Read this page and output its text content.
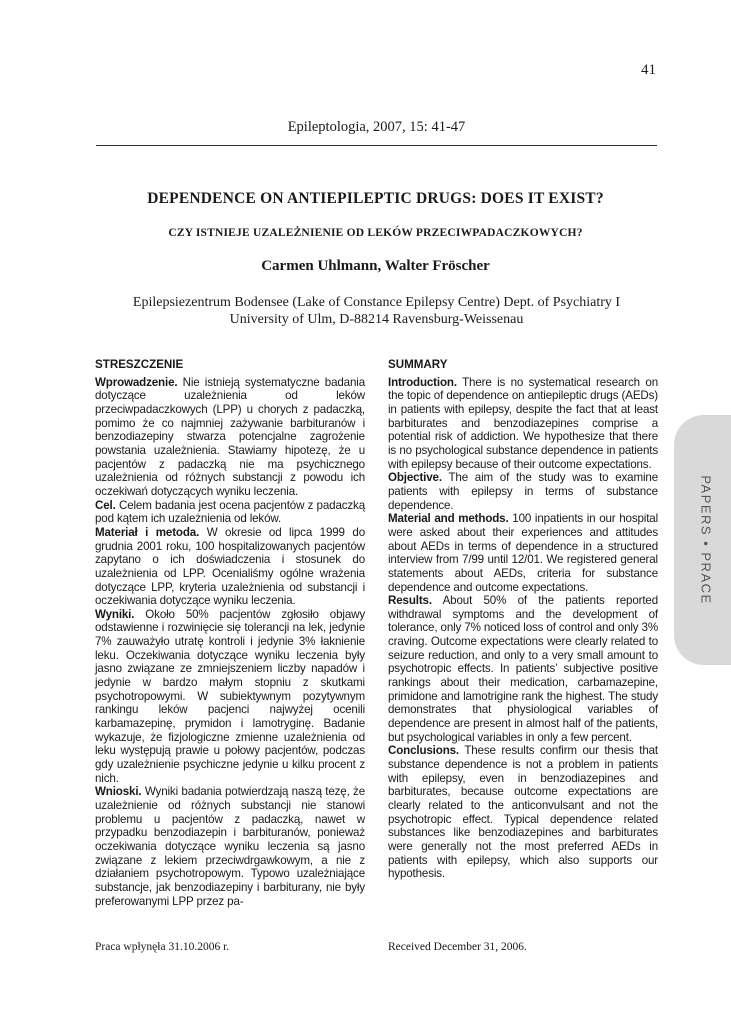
41
Epileptologia, 2007, 15: 41-47
DEPENDENCE ON ANTIEPILEPTIC DRUGS: DOES IT EXIST?
CZY ISTNIEJE UZALEŻNIENIE OD LEKÓW PRZECIWPADACZKOWYCH?
Carmen Uhlmann, Walter Fröscher
Epilepsiezentrum Bodensee (Lake of Constance Epilepsy Centre) Dept. of Psychiatry I
University of Ulm, D-88214 Ravensburg-Weissenau
STRESZCZENIE

Wprowadzenie. Nie istnieją systematyczne badania dotyczące uzależnienia od leków przeciwpadaczkowych (LPP) u chorych z padaczką, pomimo że co najmniej zażywanie barbituranów i benzodiazepiny stwarza potencjalne zagrożenie powstania uzależnienia. Stawiamy hipotezę, że u pacjentów z padaczką nie ma psychicznego uzależnienia od różnych substancji z powodu ich oczekiwań dotyczących wyniku leczenia.

Cel. Celem badania jest ocena pacjentów z padaczką pod kątem ich uzależnienia od leków.

Materiał i metoda. W okresie od lipca 1999 do grudnia 2001 roku, 100 hospitalizowanych pacjentów zapytano o ich doświadczenia i stosunek do uzależnienia od LPP. Ocenialiśmy ogólne wrażenia dotyczące LPP, kryteria uzależnienia od substancji i oczekiwania dotyczące wyniku leczenia.

Wyniki. Około 50% pacjentów zgłosiło objawy odstawienne i rozwinięcie się tolerancji na lek, jedynie 7% zauważyło utratę kontroli i jedynie 3% łaknienie leku. Oczekiwania dotyczące wyniku leczenia były jasno związane ze zmniejszeniem liczby napadów i jedynie w bardzo małym stopniu z skutkami psychotropowymi. W subiektywnym pozytywnym rankingu leków pacjenci najwyżej ocenili karbamazepinę, prymidon i lamotryginę. Badanie wykazuje, że fizjologiczne zmienne uzależnienia od leku występują prawie u połowy pacjentów, podczas gdy uzależnienie psychiczne jedynie u kilku procent z nich.

Wnioski. Wyniki badania potwierdzają naszą tezę, że uzależnienie od różnych substancji nie stanowi problemu u pacjentów z padaczką, nawet w przypadku benzodiazepin i barbituranów, ponieważ oczekiwania dotyczące wyniku leczenia są jasno związane z lekiem przeciwdrgawkowym, a nie z działaniem psychotropowym. Typowo uzależniające substancje, jak benzodiazepiny i barbiturany, nie były preferowanymi LPP przez pa-

SUMMARY

Introduction. There is no systematical research on the topic of dependence on antiepileptic drugs (AEDs) in patients with epilepsy, despite the fact that at least barbiturates and benzodiazepines comprise a potential risk of addiction. We hypothesize that there is no psychological substance dependence in patients with epilepsy because of their outcome expectations.

Objective. The aim of the study was to examine patients with epilepsy in terms of substance dependence.

Material and methods. 100 inpatients in our hospital were asked about their experiences and attitudes about AEDs in terms of dependence in a structured interview from 7/99 until 12/01. We registered general statements about AEDs, criteria for substance dependence and outcome expectations.

Results. About 50% of the patients reported withdrawal symptoms and the development of tolerance, only 7% noticed loss of control and only 3% craving. Outcome expectations were clearly related to seizure reduction, and only to a very small amount to psychotropic effects. In patients’ subjective positive rankings about their medication, carbamazepine, primidone and lamotrigine rank the highest. The study demonstrates that physiological variables of dependence are present in almost half of the patients, but psychological variables in only a few percent.

Conclusions. These results confirm our thesis that substance dependence is not a problem in patients with epilepsy, even in benzodiazepines and barbiturates, because outcome expectations are clearly related to the anticonvulsant and not the psychotropic effect. Typical dependence related substances like benzodiazepines and barbiturates were generally not the most preferred AEDs in patients with epilepsy, which also supports our hypothesis.

Praca wpłynęła 31.10.2006 r.	Received December 31, 2006.
PAPERS • PRACE
